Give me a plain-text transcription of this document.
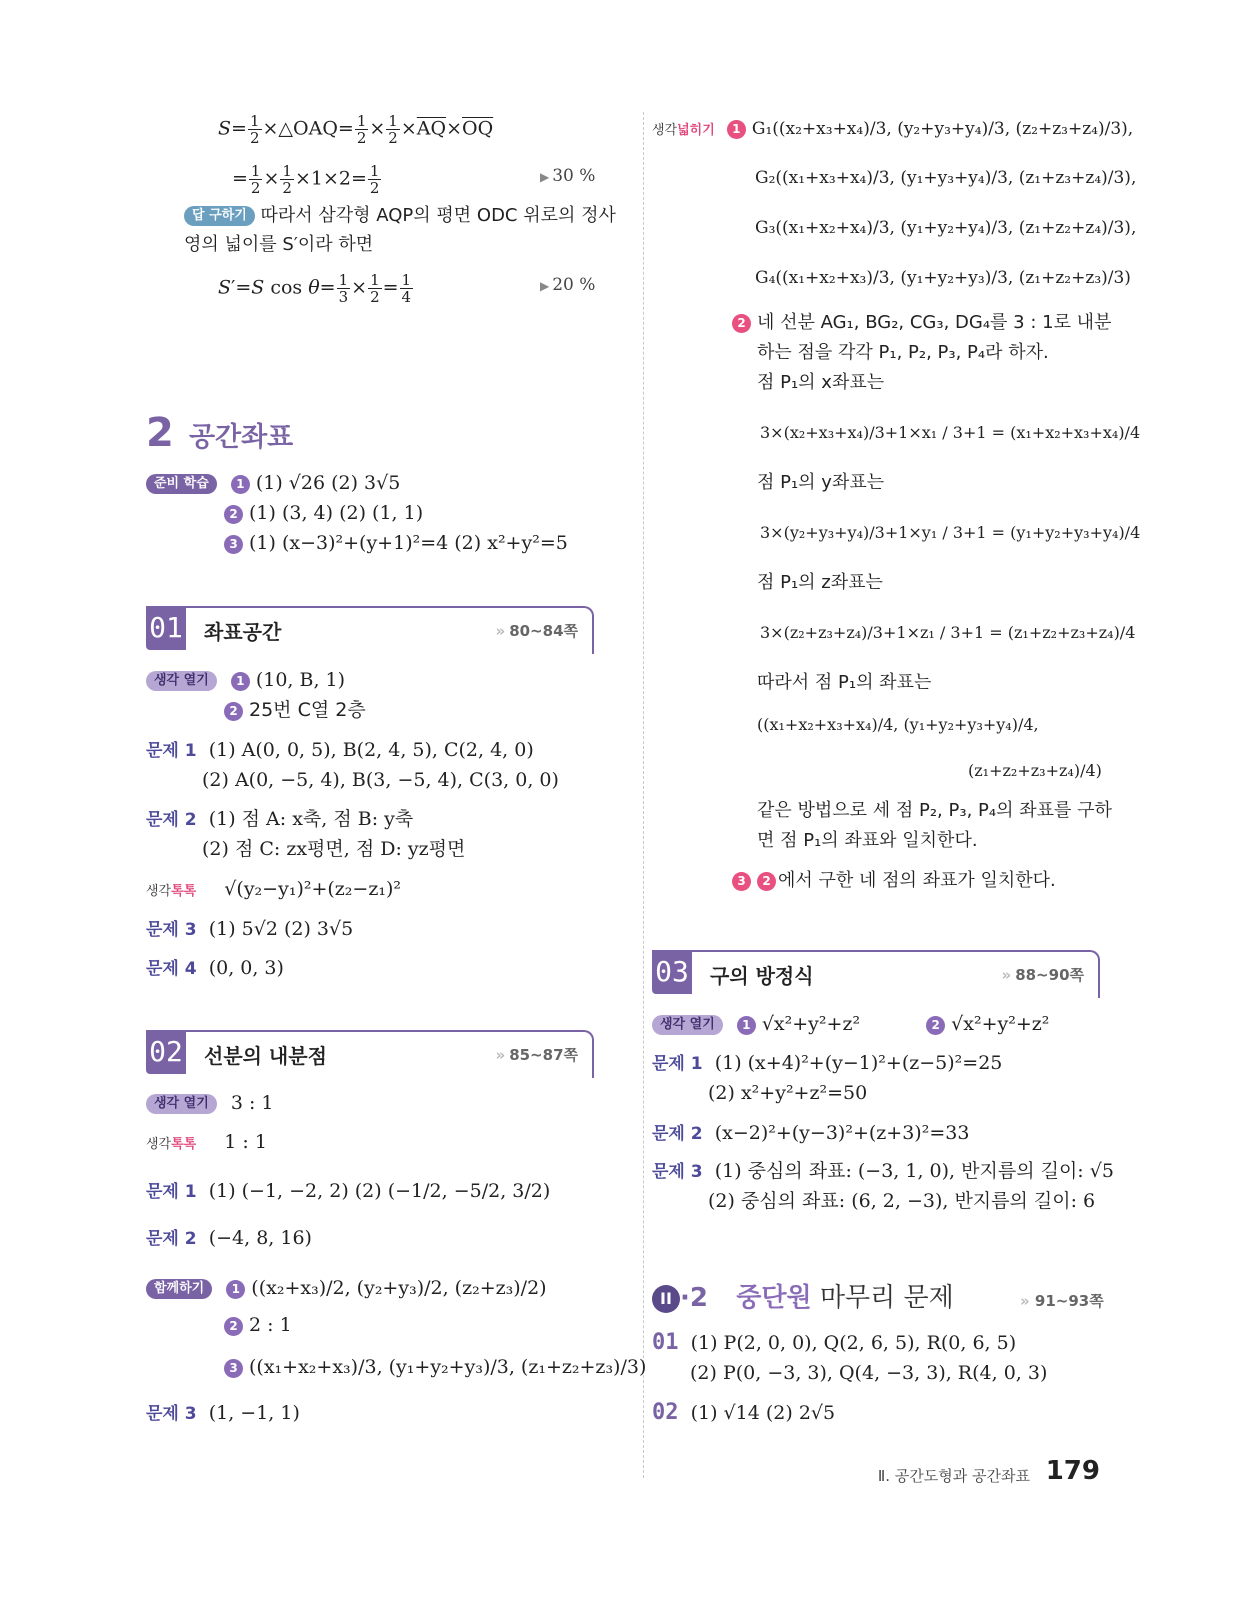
$S= \frac{1}{2}$ ×△OAQ= $\frac{1}{2} \times \frac{1}{2} \times\overline{AQ}\times\overline{OQ}$
= $\frac{1}{2} \times \frac{1}{2} \times 1\times 2= \frac{1}{2}$	▶ 30 %
답 구하기 따라서 삼각형 AQP의 평면 ODC 위로의 정사
영의 넓이를 S′이라 하면
S′=S $\cos \theta= \frac{1}{3} \times \frac{1}{2} = \frac{1}{4}$	▶ 20 %
2 공간좌표
준비 학습 1 (1) √26 (2) 3√5
2 (1) (3, 4) (2) (1, 1)
3 (1) (x−3)²+(y+1)²=4 (2) x²+y²=5
01 좌표공간	» 80~84쪽
생각 열기 1 (10, B, 1)
2 25번 C열 2층
문제 1 (1) A(0, 0, 5), B(2, 4, 5), C(2, 4, 0)
(2) A(0, −5, 4), B(3, −5, 4), C(3, 0, 0)
문제 2 (1) 점 A: x축, 점 B: y축
(2) 점 C: zx평면, 점 D: yz평면
생각톡톡 √(y₂−y₁)²+(z₂−z₁)²
문제 3 (1) 5√2 (2) 3√5
문제 4 (0, 0, 3)
02 선분의 내분점	» 85~87쪽
생각 열기 3 : 1
생각톡톡 1 : 1
문제 1 (1) (−1, −2, 2) (2) (−1/2, −5/2, 3/2)
문제 2 (−4, 8, 16)
함께하기 1 ((x₂+x₃)/2, (y₂+y₃)/2, (z₂+z₃)/2)
2 2 : 1
3 ((x₁+x₂+x₃)/3, (y₁+y₂+y₃)/3, (z₁+z₂+z₃)/3)
문제 3 (1, −1, 1)
생각넓히기 1 G₁((x₂+x₃+x₄)/3, (y₂+y₃+y₄)/3, (z₂+z₃+z₄)/3),
G₂((x₁+x₃+x₄)/3, (y₁+y₃+y₄)/3, (z₁+z₃+z₄)/3),
G₃((x₁+x₂+x₄)/3, (y₁+y₂+y₄)/3, (z₁+z₂+z₄)/3),
G₄((x₁+x₂+x₃)/3, (y₁+y₂+y₃)/3, (z₁+z₂+z₃)/3)
2 네 선분 AG₁, BG₂, CG₃, DG₄를 3 : 1로 내분
하는 점을 각각 P₁, P₂, P₃, P₄라 하자.
점 P₁의 x좌표는
3×(x₂+x₃+x₄)/3+1×x₁ / 3+1 = (x₁+x₂+x₃+x₄)/4
점 P₁의 y좌표는
3×(y₂+y₃+y₄)/3+1×y₁ / 3+1 = (y₁+y₂+y₃+y₄)/4
점 P₁의 z좌표는
3×(z₂+z₃+z₄)/3+1×z₁ / 3+1 = (z₁+z₂+z₃+z₄)/4
따라서 점 P₁의 좌표는
((x₁+x₂+x₃+x₄)/4, (y₁+y₂+y₃+y₄)/4,
(z₁+z₂+z₃+z₄)/4)
같은 방법으로 세 점 P₂, P₃, P₄의 좌표를 구하
면 점 P₁의 좌표와 일치한다.
3 2 에서 구한 네 점의 좌표가 일치한다.
03 구의 방정식	» 88~90쪽
생각 열기 1 √x²+y²+z²	2 √x²+y²+z²
문제 1 (1) (x+4)²+(y−1)²+(z−5)²=25
(2) x²+y²+z²=50
문제 2 (x−2)²+(y−3)²+(z+3)²=33
문제 3 (1) 중심의 좌표: (−3, 1, 0), 반지름의 길이: √5
(2) 중심의 좌표: (6, 2, −3), 반지름의 길이: 6
II ·2 중단원 마무리 문제	» 91~93쪽
01 (1) P(2, 0, 0), Q(2, 6, 5), R(0, 6, 5)
(2) P(0, −3, 3), Q(4, −3, 3), R(4, 0, 3)
02 (1) √14 (2) 2√5
Ⅱ. 공간도형과 공간좌표 179
